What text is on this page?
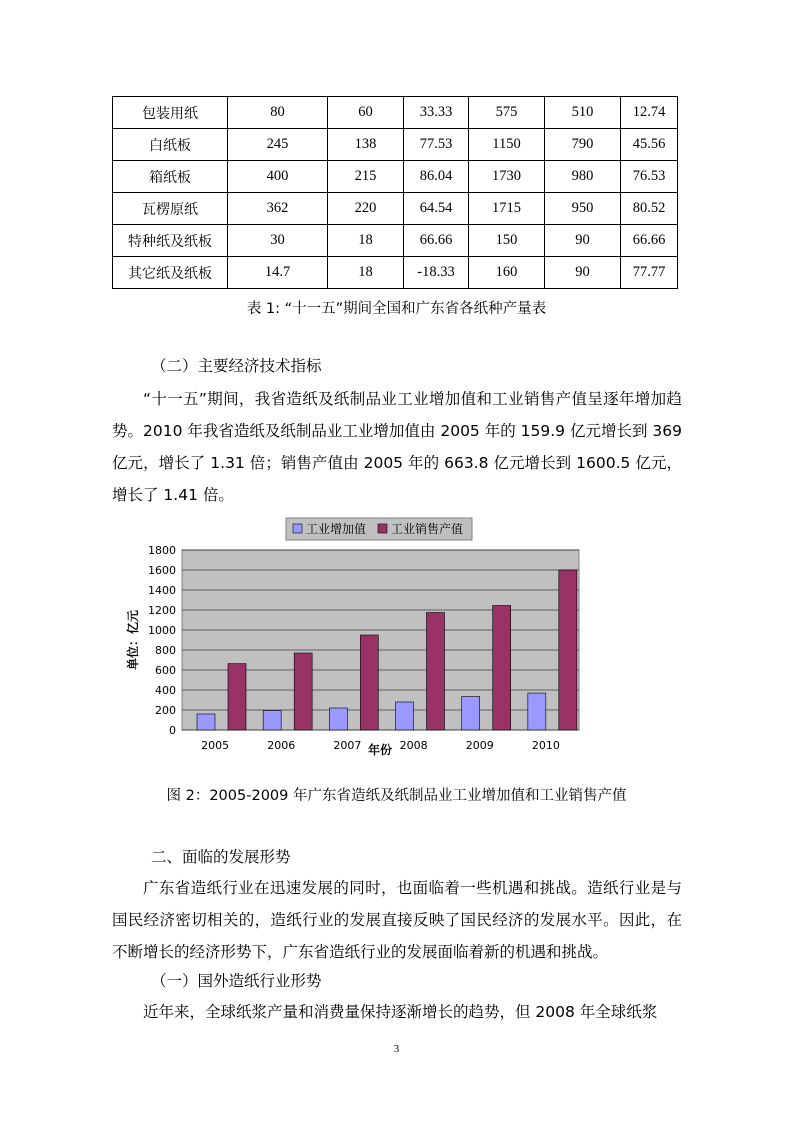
包装用纸	80	60	33.33	575	510	12.74
白纸板	245	138	77.53	1150	790	45.56
箱纸板	400	215	86.04	1730	980	76.53
瓦楞原纸	362	220	64.54	1715	950	80.52
特种纸及纸板	30	18	66.66	150	90	66.66
其它纸及纸板	14.7	18	-18.33	160	90	77.77
表 1: “十一五”期间全国和广东省各纸种产量表
（二）主要经济技术指标
“十一五”期间，我省造纸及纸制品业工业增加值和工业销售产值呈逐年增加趋势。2010 年我省造纸及纸制品业工业增加值由 2005 年的 159.9 亿元增长到 369 亿元，增长了 1.31 倍；销售产值由 2005 年的 663.8 亿元增长到 1600.5 亿元，增长了 1.41 倍。
工业增加值 工业销售产值
0
200
400
600
800
1000
1200
1400
1600
1800
2005	2006	2007	2008	2009	2010
单位：亿元
年份
图 2：2005-2009 年广东省造纸及纸制品业工业增加值和工业销售产值
二、面临的发展形势
广东省造纸行业在迅速发展的同时，也面临着一些机遇和挑战。造纸行业是与国民经济密切相关的，造纸行业的发展直接反映了国民经济的发展水平。因此，在不断增长的经济形势下，广东省造纸行业的发展面临着新的机遇和挑战。
（一）国外造纸行业形势
近年来，全球纸浆产量和消费量保持逐渐增长的趋势，但 2008 年全球纸浆
3
